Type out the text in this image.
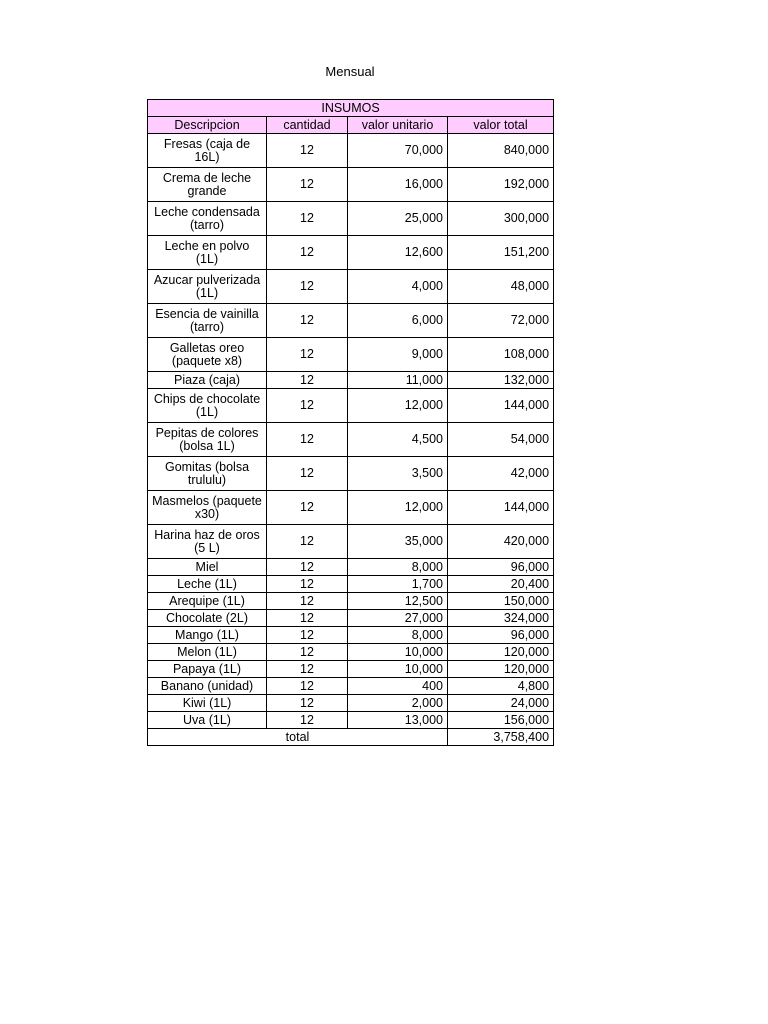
Mensual
INSUMOS			
Descripcion	cantidad	valor unitario	valor total
Fresas (caja de 16L)	12	70,000	840,000
Crema de leche grande	12	16,000	192,000
Leche condensada (tarro)	12	25,000	300,000
Leche en polvo (1L)	12	12,600	151,200
Azucar pulverizada (1L)	12	4,000	48,000
Esencia de vainilla (tarro)	12	6,000	72,000
Galletas oreo (paquete x8)	12	9,000	108,000
Piaza (caja)	12	11,000	132,000
Chips de chocolate (1L)	12	12,000	144,000
Pepitas de colores (bolsa 1L)	12	4,500	54,000
Gomitas (bolsa trululu)	12	3,500	42,000
Masmelos (paquete x30)	12	12,000	144,000
Harina haz de oros (5 L)	12	35,000	420,000
Miel	12	8,000	96,000
Leche (1L)	12	1,700	20,400
Arequipe (1L)	12	12,500	150,000
Chocolate (2L)	12	27,000	324,000
Mango (1L)	12	8,000	96,000
Melon (1L)	12	10,000	120,000
Papaya (1L)	12	10,000	120,000
Banano (unidad)	12	400	4,800
Kiwi (1L)	12	2,000	24,000
Uva (1L)	12	13,000	156,000
total			3,758,400
